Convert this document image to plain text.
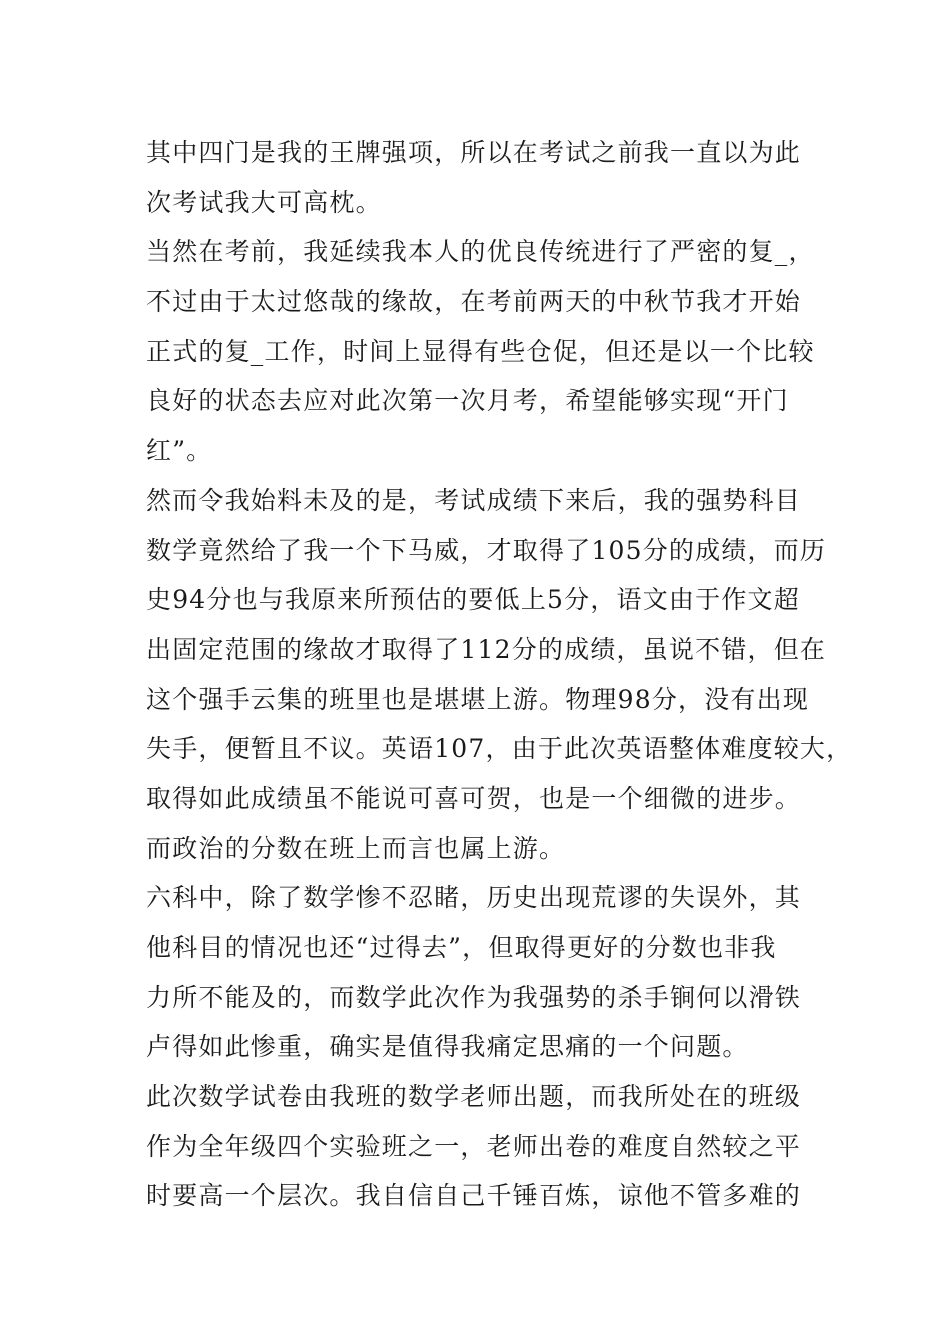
其中四门是我的王牌强项，所以在考试之前我一直以为此
次考试我大可高枕。
当然在考前，我延续我本人的优良传统进行了严密的复_，
不过由于太过悠哉的缘故，在考前两天的中秋节我才开始
正式的复_工作，时间上显得有些仓促，但还是以一个比较
良好的状态去应对此次第一次月考，希望能够实现“开门
红”。
然而令我始料未及的是，考试成绩下来后，我的强势科目
数学竟然给了我一个下马威，才取得了105分的成绩，而历
史94分也与我原来所预估的要低上5分，语文由于作文超
出固定范围的缘故才取得了112分的成绩，虽说不错，但在
这个强手云集的班里也是堪堪上游。物理98分，没有出现
失手，便暂且不议。英语107，由于此次英语整体难度较大，
取得如此成绩虽不能说可喜可贺，也是一个细微的进步。
而政治的分数在班上而言也属上游。
六科中，除了数学惨不忍睹，历史出现荒谬的失误外，其
他科目的情况也还“过得去”，但取得更好的分数也非我
力所不能及的，而数学此次作为我强势的杀手锏何以滑铁
卢得如此惨重，确实是值得我痛定思痛的一个问题。
此次数学试卷由我班的数学老师出题，而我所处在的班级
作为全年级四个实验班之一，老师出卷的难度自然较之平
时要高一个层次。我自信自己千锤百炼，谅他不管多难的
